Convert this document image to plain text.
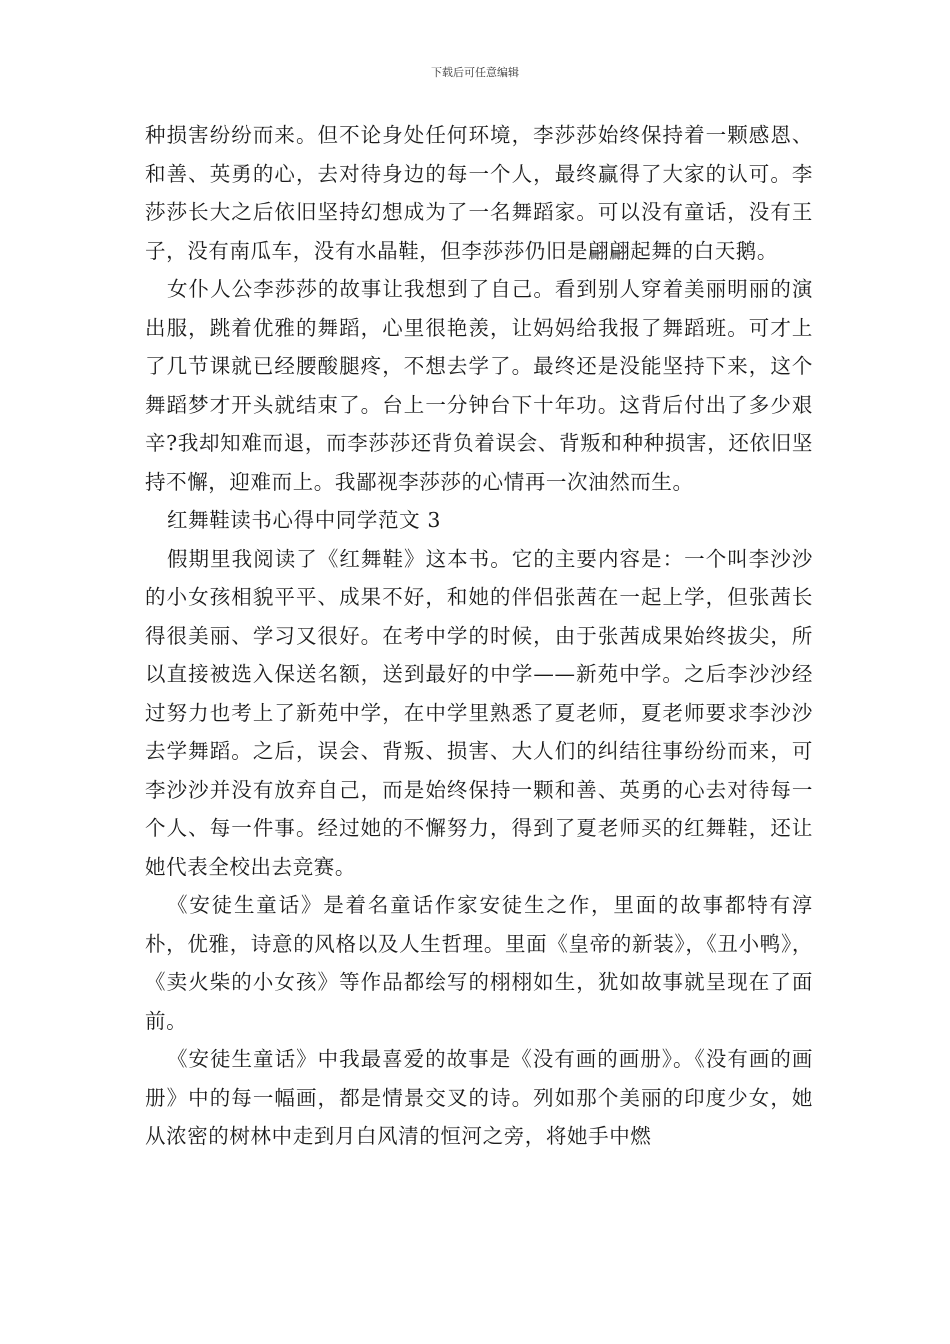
下载后可任意编辑

种损害纷纷而来。但不论身处任何环境，李莎莎始终保持着一颗感恩、和善、英勇的心，去对待身边的每一个人，最终赢得了大家的认可。李莎莎长大之后依旧坚持幻想成为了一名舞蹈家。可以没有童话，没有王子，没有南瓜车，没有水晶鞋，但李莎莎仍旧是翩翩起舞的白天鹅。

女仆人公李莎莎的故事让我想到了自己。看到别人穿着美丽明丽的演出服，跳着优雅的舞蹈，心里很艳羡，让妈妈给我报了舞蹈班。可才上了几节课就已经腰酸腿疼，不想去学了。最终还是没能坚持下来，这个舞蹈梦才开头就结束了。台上一分钟台下十年功。这背后付出了多少艰辛?我却知难而退，而李莎莎还背负着误会、背叛和种种损害，还依旧坚持不懈，迎难而上。我鄙视李莎莎的心情再一次油然而生。

红舞鞋读书心得中同学范文 3

假期里我阅读了《红舞鞋》这本书。它的主要内容是：一个叫李沙沙的小女孩相貌平平、成果不好，和她的伴侣张茜在一起上学，但张茜长得很美丽、学习又很好。在考中学的时候，由于张茜成果始终拔尖，所以直接被选入保送名额，送到最好的中学——新苑中学。之后李沙沙经过努力也考上了新苑中学，在中学里熟悉了夏老师，夏老师要求李沙沙去学舞蹈。之后，误会、背叛、损害、大人们的纠结往事纷纷而来，可李沙沙并没有放弃自己，而是始终保持一颗和善、英勇的心去对待每一个人、每一件事。经过她的不懈努力，得到了夏老师买的红舞鞋，还让她代表全校出去竞赛。

《安徒生童话》是着名童话作家安徒生之作，里面的故事都特有淳朴，优雅，诗意的风格以及人生哲理。里面《皇帝的新装》，《丑小鸭》，《卖火柴的小女孩》等作品都绘写的栩栩如生，犹如故事就呈现在了面前。

《安徒生童话》中我最喜爱的故事是《没有画的画册》。《没有画的画册》中的每一幅画，都是情景交叉的诗。列如那个美丽的印度少女，她从浓密的树林中走到月白风清的恒河之旁，将她手中燃
